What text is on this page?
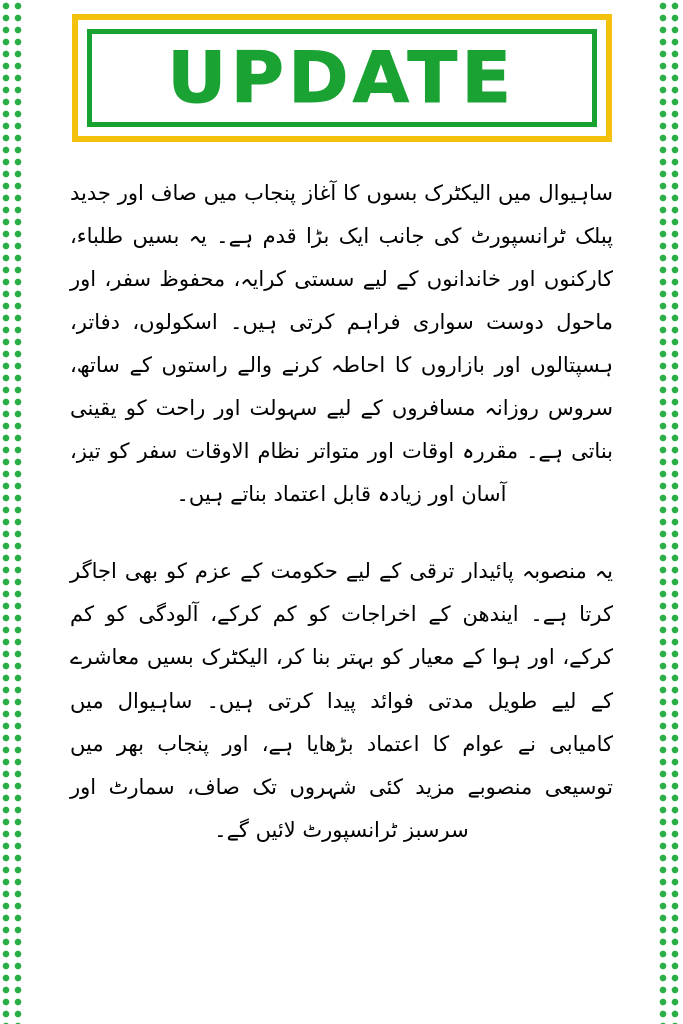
UPDATE

ساہیوال میں الیکٹرک بسوں کا آغاز پنجاب میں صاف اور جدید پبلک ٹرانسپورٹ کی جانب ایک بڑا قدم ہے۔ یہ بسیں طلباء، کارکنوں اور خاندانوں کے لیے سستی کرایہ، محفوظ سفر، اور ماحول دوست سواری فراہم کرتی ہیں۔ اسکولوں، دفاتر، ہسپتالوں اور بازاروں کا احاطہ کرنے والے راستوں کے ساتھ، سروس روزانہ مسافروں کے لیے سہولت اور راحت کو یقینی بناتی ہے۔ مقررہ اوقات اور متواتر نظام الاوقات سفر کو تیز، آسان اور زیادہ قابل اعتماد بناتے ہیں۔

یہ منصوبہ پائیدار ترقی کے لیے حکومت کے عزم کو بھی اجاگر کرتا ہے۔ ایندھن کے اخراجات کو کم کرکے، آلودگی کو کم کرکے، اور ہوا کے معیار کو بہتر بنا کر، الیکٹرک بسیں معاشرے کے لیے طویل مدتی فوائد پیدا کرتی ہیں۔ ساہیوال میں کامیابی نے عوام کا اعتماد بڑھایا ہے، اور پنجاب بھر میں توسیعی منصوبے مزید کئی شہروں تک صاف، سمارٹ اور سرسبز ٹرانسپورٹ لائیں گے۔
